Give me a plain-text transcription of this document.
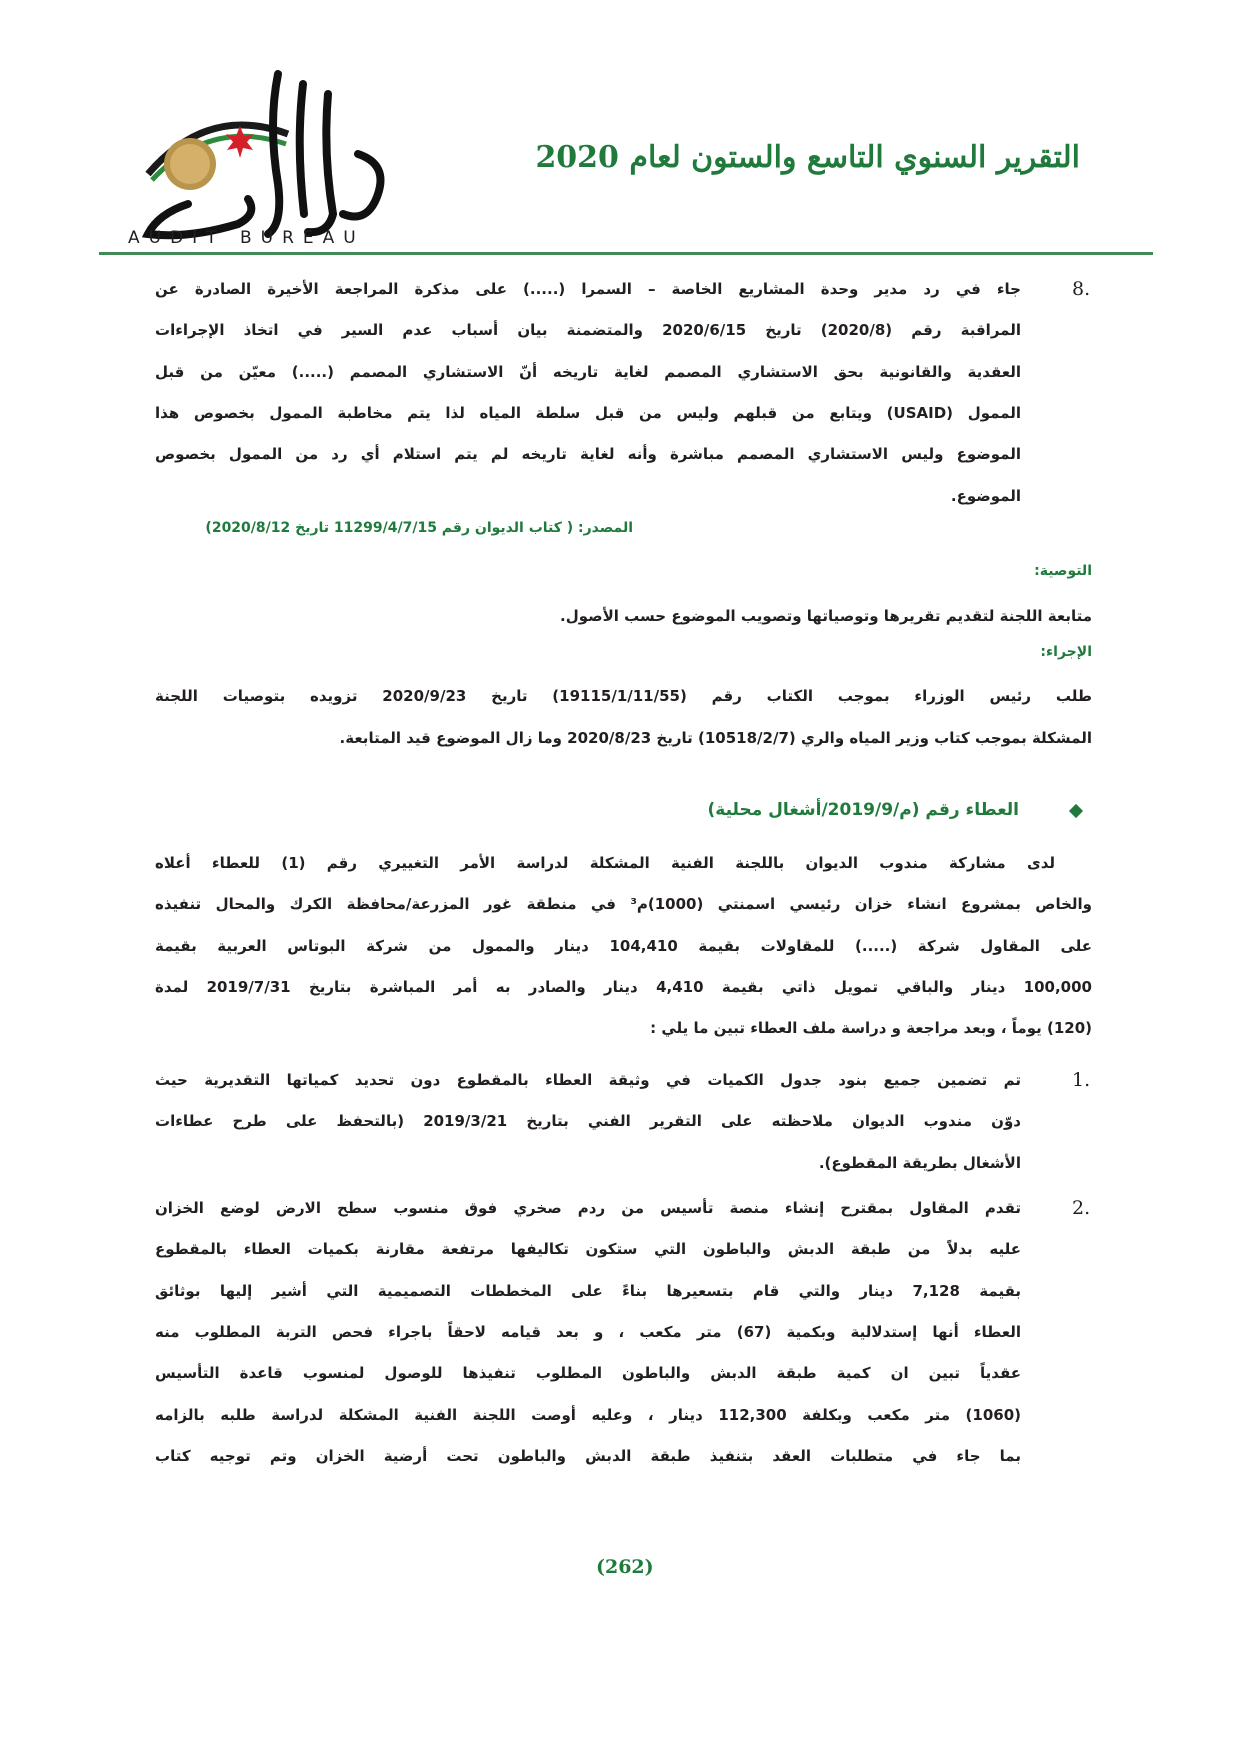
AUDIT BUREAU
التقرير السنوي التاسع والستون لعام 2020
8.
جاء في رد مدير وحدة المشاريع الخاصة – السمرا (.....) على مذكرة المراجعة الأخيرة الصادرة عن
المراقبة رقم (2020/8) تاريخ 2020/6/15 والمتضمنة بيان أسباب عدم السير في اتخاذ الإجراءات
العقدية والقانونية بحق الاستشاري المصمم لغاية تاريخه أنّ الاستشاري المصمم (.....) معيّن من قبل
الممول (USAID) ويتابع من قبلهم وليس من قبل سلطة المياه لذا يتم مخاطبة الممول بخصوص هذا
الموضوع وليس الاستشاري المصمم مباشرة وأنه لغاية تاريخه لم يتم استلام أي رد من الممول بخصوص
الموضوع.
المصدر: ( كتاب الديوان رقم 11299/4/7/15 تاريخ 2020/8/12)
التوصية:
متابعة اللجنة لتقديم تقريرها وتوصياتها وتصويب الموضوع حسب الأصول.
الإجراء:
طلب رئيس الوزراء بموجب الكتاب رقم (19115/1/11/55) تاريخ 2020/9/23 تزويده بتوصيات اللجنة
المشكلة بموجب كتاب وزير المياه والري (10518/2/7) تاريخ 2020/8/23 وما زال الموضوع قيد المتابعة.
العطاء رقم (م/2019/9/أشغال محلية)
لدى مشاركة مندوب الديوان باللجنة الفنية المشكلة لدراسة الأمر التغييري رقم (1) للعطاء أعلاه
والخاص بمشروع انشاء خزان رئيسي اسمنتي (1000)م³ في منطقة غور المزرعة/محافظة الكرك والمحال تنفيذه
على المقاول شركة (.....) للمقاولات بقيمة 104,410 دينار والممول من شركة البوتاس العربية بقيمة
100,000 دينار والباقي تمويل ذاتي بقيمة 4,410 دينار والصادر به أمر المباشرة بتاريخ 2019/7/31 لمدة
(120) يوماً ، وبعد مراجعة و دراسة ملف العطاء تبين ما يلي :
1.
تم تضمين جميع بنود جدول الكميات في وثيقة العطاء بالمقطوع دون تحديد كمياتها التقديرية حيث
دوّن مندوب الديوان ملاحظته على التقرير الفني بتاريخ 2019/3/21 (بالتحفظ على طرح عطاءات
الأشغال بطريقة المقطوع).
2.
تقدم المقاول بمقترح إنشاء منصة تأسيس من ردم صخري فوق منسوب سطح الارض لوضع الخزان
عليه بدلاً من طبقة الدبش والباطون التي ستكون تكاليفها مرتفعة مقارنة بكميات العطاء بالمقطوع
بقيمة 7,128 دينار والتي قام بتسعيرها بناءً على المخططات التصميمية التي أشير إليها بوثائق
العطاء أنها إستدلالية وبكمية (67) متر مكعب ، و بعد قيامه لاحقاً باجراء فحص التربة المطلوب منه
عقدياً تبين ان كمية طبقة الدبش والباطون المطلوب تنفيذها للوصول لمنسوب قاعدة التأسيس
(1060) متر مكعب وبكلفة 112,300 دينار ، وعليه أوصت اللجنة الفنية المشكلة لدراسة طلبه بالزامه
بما جاء في متطلبات العقد بتنفيذ طبقة الدبش والباطون تحت أرضية الخزان وتم توجيه كتاب
(262)
